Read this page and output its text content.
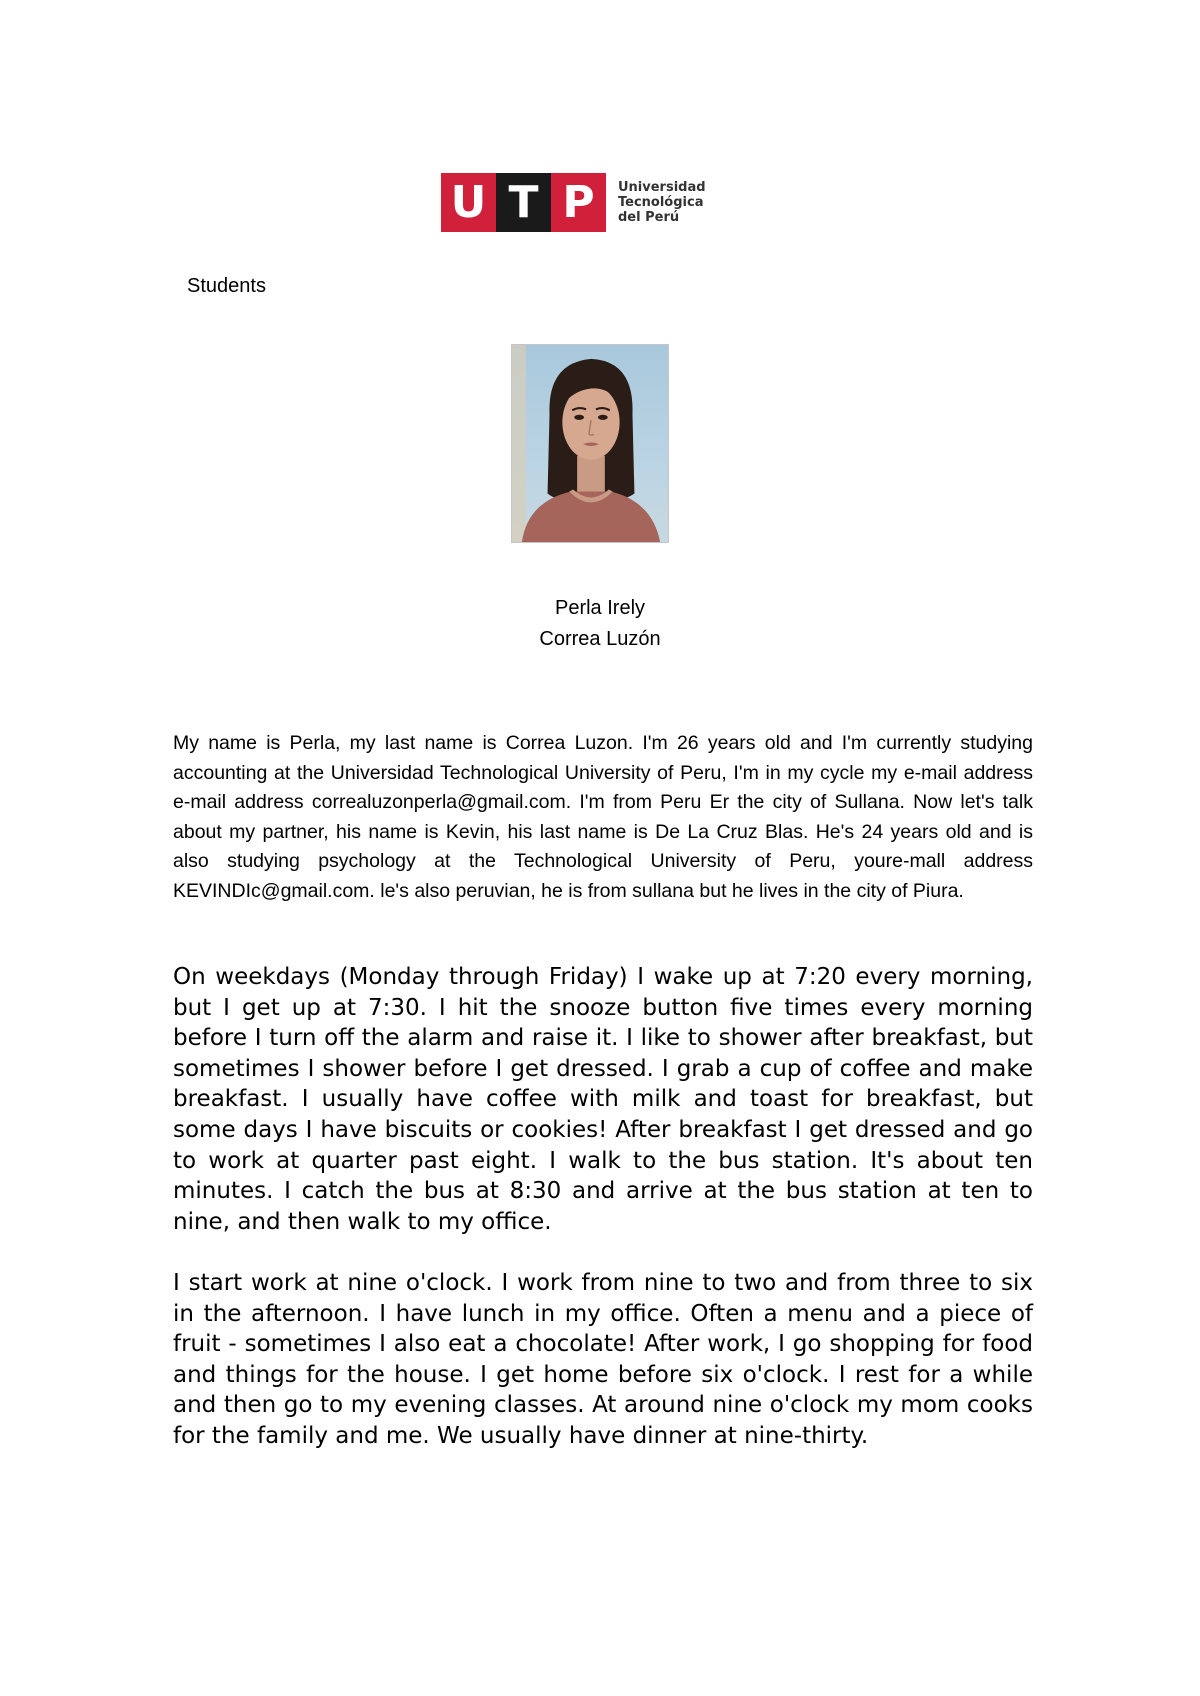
U T P	Universidad
Tecnológica
del Perú
Students
Perla Irely
Correa Luzón

My name is Perla, my last name is Correa Luzon. I'm 26 years old and I'm currently studying accounting at the Universidad Technological University of Peru, I'm in my cycle my e-mail address e-mail address correaluzonperla@gmail.com. I'm from Peru Er the city of Sullana. Now let's talk about my partner, his name is Kevin, his last name is De La Cruz Blas. He's 24 years old and is also studying psychology at the Technological University of Peru, youre-mall address KEVINDIc@gmail.com. le's also peruvian, he is from sullana but he lives in the city of Piura.

On weekdays (Monday through Friday) I wake up at 7:20 every morning, but I get up at 7:30. I hit the snooze button five times every morning before I turn off the alarm and raise it. I like to shower after breakfast, but sometimes I shower before I get dressed. I grab a cup of coffee and make breakfast. I usually have coffee with milk and toast for breakfast, but some days I have biscuits or cookies! After breakfast I get dressed and go to work at quarter past eight. I walk to the bus station. It's about ten minutes. I catch the bus at 8:30 and arrive at the bus station at ten to nine, and then walk to my office.

I start work at nine o'clock. I work from nine to two and from three to six in the afternoon. I have lunch in my office. Often a menu and a piece of fruit - sometimes I also eat a chocolate! After work, I go shopping for food and things for the house. I get home before six o'clock. I rest for a while and then go to my evening classes. At around nine o'clock my mom cooks for the family and me. We usually have dinner at nine-thirty.
